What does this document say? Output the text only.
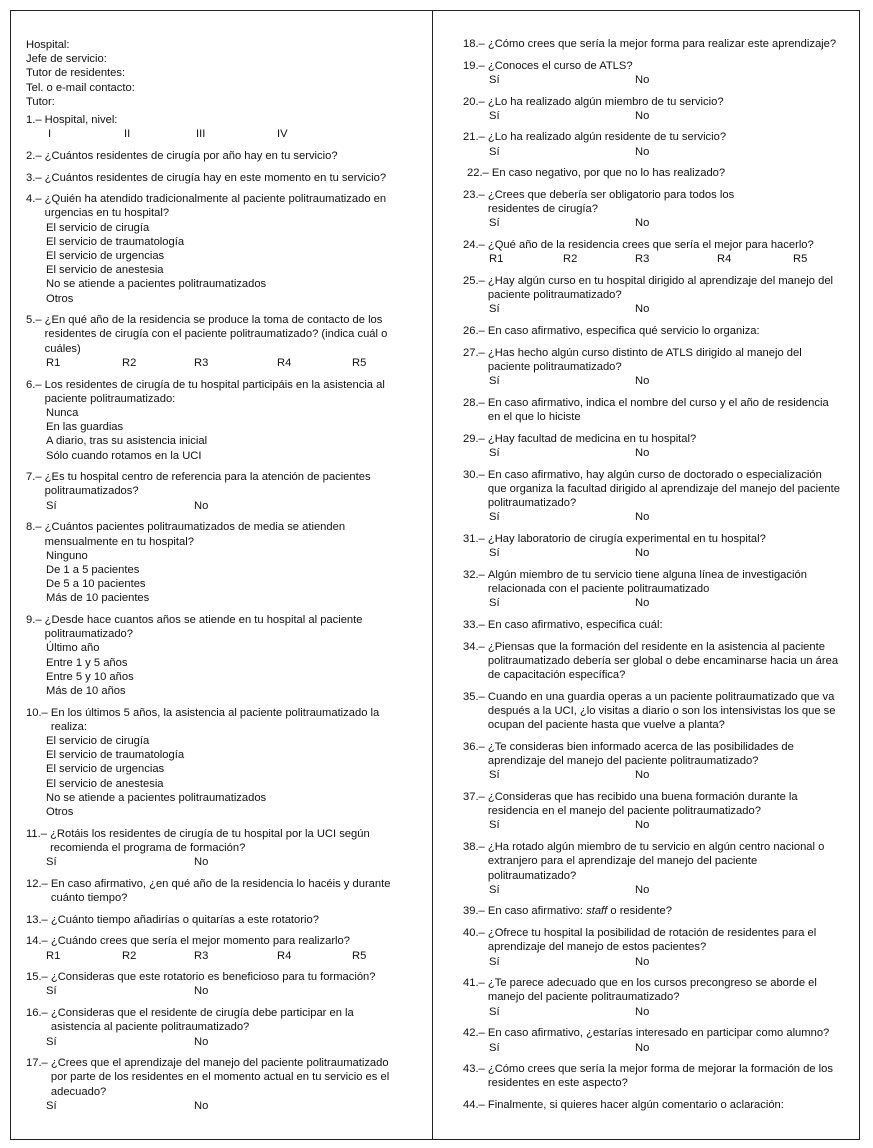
Hospital:
Jefe de servicio:
Tutor de residentes:
Tel. o e-mail contacto:
Tutor:
1.– Hospital, nivel:
I	II	III	IV
2.– ¿Cuántos residentes de cirugía por año hay en tu servicio?
3.– ¿Cuántos residentes de cirugía hay en este momento en tu servicio?
4.– ¿Quién ha atendido tradicionalmente al paciente politraumatizado en urgencias en tu hospital?
El servicio de cirugía
El servicio de traumatología
El servicio de urgencias
El servicio de anestesia
No se atiende a pacientes politraumatizados
Otros
5.– ¿En qué año de la residencia se produce la toma de contacto de los residentes de cirugía con el paciente politraumatizado? (indica cuál o cuáles)
R1	R2	R3	R4	R5
6.– Los residentes de cirugía de tu hospital participáis en la asistencia al paciente politraumatizado:
Nunca
En las guardias
A diario, tras su asistencia inicial
Sólo cuando rotamos en la UCI
7.– ¿Es tu hospital centro de referencia para la atención de pacientes politraumatizados?
Sí	No
8.– ¿Cuántos pacientes politraumatizados de media se atienden mensualmente en tu hospital?
Ninguno
De 1 a 5 pacientes
De 5 a 10 pacientes
Más de 10 pacientes
9.– ¿Desde hace cuantos años se atiende en tu hospital al paciente politraumatizado?
Último año
Entre 1 y 5 años
Entre 5 y 10 años
Más de 10 años
10.– En los últimos 5 años, la asistencia al paciente politraumatizado la realiza:
El servicio de cirugía
El servicio de traumatología
El servicio de urgencias
El servicio de anestesia
No se atiende a pacientes politraumatizados
Otros
11.– ¿Rotáis los residentes de cirugía de tu hospital por la UCI según recomienda el programa de formación?
Sí	No
12.– En caso afirmativo, ¿en qué año de la residencia lo hacéis y durante cuánto tiempo?
13.– ¿Cuánto tiempo añadirías o quitarías a este rotatorio?
14.– ¿Cuándo crees que sería el mejor momento para realizarlo?
R1	R2	R3	R4	R5
15.– ¿Consideras que este rotatorio es beneficioso para tu formación?
Sí	No
16.– ¿Consideras que el residente de cirugía debe participar en la asistencia al paciente politraumatizado?
Sí	No
17.– ¿Crees que el aprendizaje del manejo del paciente politraumatizado por parte de los residentes en el momento actual en tu servicio es el adecuado?
Sí	No
18.– ¿Cómo crees que sería la mejor forma para realizar este aprendizaje?
19.– ¿Conoces el curso de ATLS?
Sí	No
20.– ¿Lo ha realizado algún miembro de tu servicio?
Sí	No
21.– ¿Lo ha realizado algún residente de tu servicio?
Sí	No
22.– En caso negativo, por que no lo has realizado?
23.– ¿Crees que debería ser obligatorio para todos los residentes de cirugía?
Sí	No
24.– ¿Qué año de la residencia crees que sería el mejor para hacerlo?
R1	R2	R3	R4	R5
25.– ¿Hay algún curso en tu hospital dirigido al aprendizaje del manejo del paciente politraumatizado?
Sí	No
26.– En caso afirmativo, especifica qué servicio lo organiza:
27.– ¿Has hecho algún curso distinto de ATLS dirigido al manejo del paciente politraumatizado?
Sí	No
28.– En caso afirmativo, indica el nombre del curso y el año de residencia en el que lo hiciste
29.– ¿Hay facultad de medicina en tu hospital?
Sí	No
30.– En caso afirmativo, hay algún curso de doctorado o especialización que organiza la facultad dirigido al aprendizaje del manejo del paciente politraumatizado?
Sí	No
31.– ¿Hay laboratorio de cirugía experimental en tu hospital?
Sí	No
32.– Algún miembro de tu servicio tiene alguna línea de investigación relacionada con el paciente politraumatizado
Sí	No
33.– En caso afirmativo, especifica cuál:
34.– ¿Piensas que la formación del residente en la asistencia al paciente politraumatizado debería ser global o debe encaminarse hacia un área de capacitación específica?
35.– Cuando en una guardia operas a un paciente politraumatizado que va después a la UCI, ¿lo visitas a diario o son los intensivistas los que se ocupan del paciente hasta que vuelve a planta?
36.– ¿Te consideras bien informado acerca de las posibilidades de aprendizaje del manejo del paciente politraumatizado?
Sí	No
37.– ¿Consideras que has recibido una buena formación durante la residencia en el manejo del paciente politraumatizado?
Sí	No
38.– ¿Ha rotado algún miembro de tu servicio en algún centro nacional o extranjero para el aprendizaje del manejo del paciente politraumatizado?
Sí	No
39.– En caso afirmativo: staff o residente?
40.– ¿Ofrece tu hospital la posibilidad de rotación de residentes para el aprendizaje del manejo de estos pacientes?
Sí	No
41.– ¿Te parece adecuado que en los cursos precongreso se aborde el manejo del paciente politraumatizado?
Sí	No
42.– En caso afirmativo, ¿estarías interesado en participar como alumno?
Sí	No
43.– ¿Cómo crees que sería la mejor forma de mejorar la formación de los residentes en este aspecto?
44.– Finalmente, si quieres hacer algún comentario o aclaración:
